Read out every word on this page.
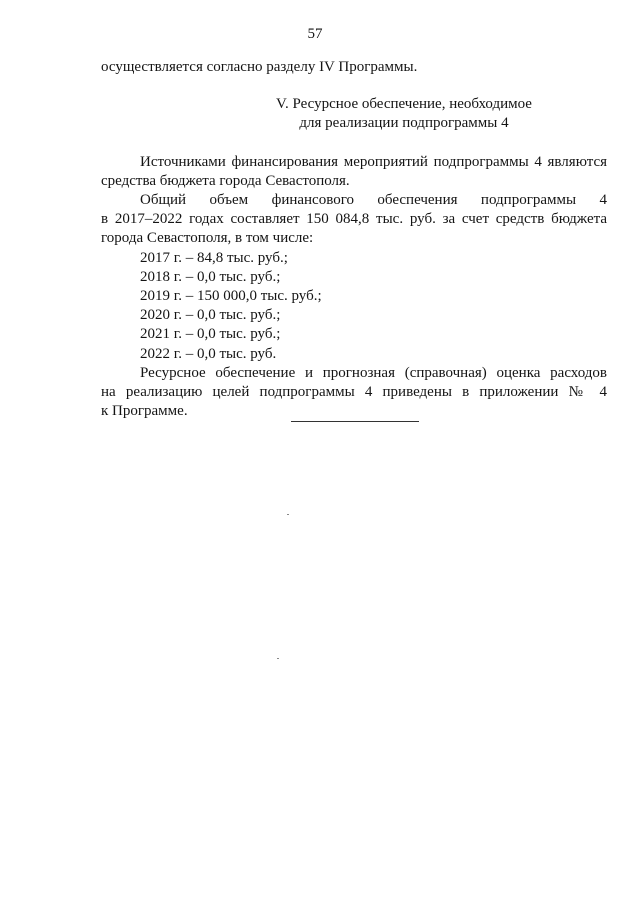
57

осуществляется согласно разделу IV Программы.

V. Ресурсное обеспечение, необходимое
для реализации подпрограммы 4

Источниками финансирования мероприятий подпрограммы 4 являются

средства бюджета города Севастополя.

Общий объем финансового обеспечения подпрограммы 4

в 2017–2022 годах составляет 150 084,8 тыс. руб. за счет средств бюджета

города Севастополя, в том числе:

2017 г. – 84,8 тыс. руб.;
2018 г. – 0,0 тыс. руб.;
2019 г. – 150 000,0 тыс. руб.;
2020 г. – 0,0 тыс. руб.;
2021 г. – 0,0 тыс. руб.;
2022 г. – 0,0 тыс. руб.

Ресурсное обеспечение и прогнозная (справочная) оценка расходов

на реализацию целей подпрограммы 4 приведены в приложении № 4

к Программе.
